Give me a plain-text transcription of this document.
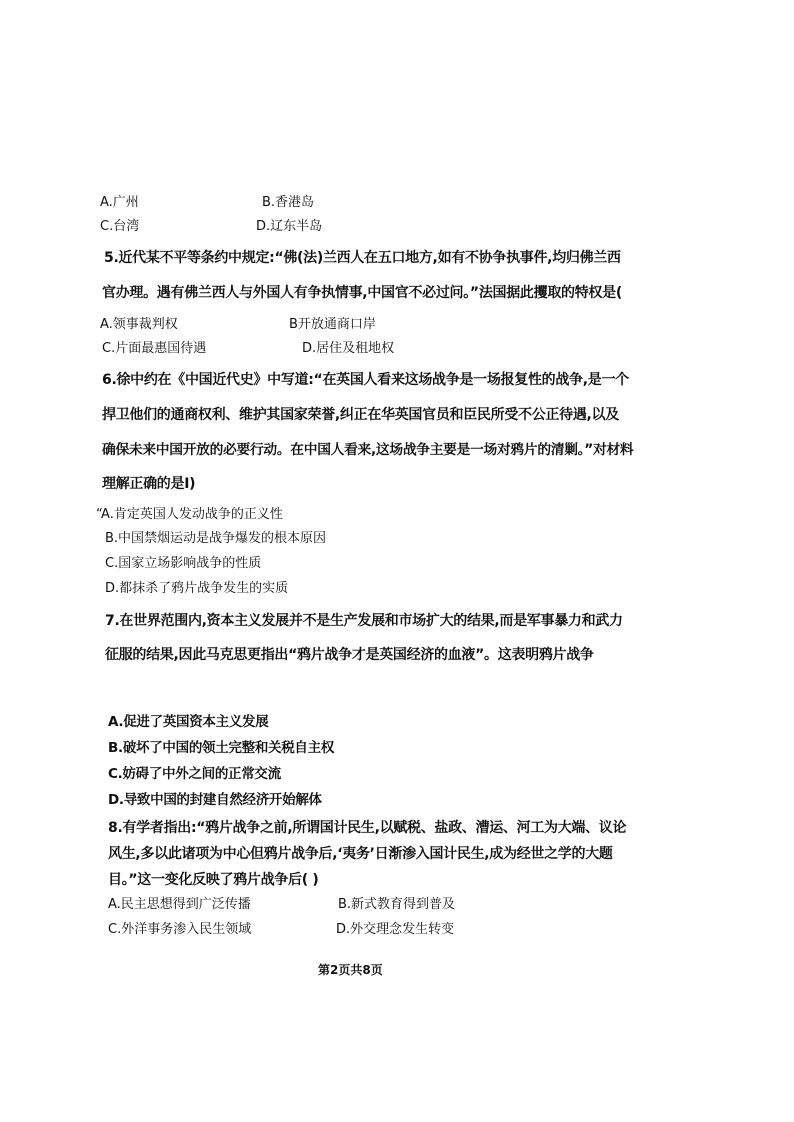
A.广州	B.香港岛
C.台湾	D.辽东半岛
5.近代某不平等条约中规定:“佛(法)兰西人在五口地方,如有不协争执事件,均归佛兰西
官办理。遇有佛兰西人与外国人有争执情事,中国官不必过问。”法国据此攫取的特权是(
A.领事裁判权	B开放通商口岸
C.片面最惠国待遇	D.居住及租地权
6.徐中约在《中国近代史》中写道:“在英国人看来这场战争是一场报复性的战争,是一个
捍卫他们的通商权利、维护其国家荣誉,纠正在华英国官员和臣民所受不公正待遇,以及
确保未来中国开放的必要行动。在中国人看来,这场战争主要是一场对鸦片的清剿。”对材料
理解正确的是I)
“A.肯定英国人发动战争的正义性
B.中国禁烟运动是战争爆发的根本原因
C.国家立场影响战争的性质
D.都抹杀了鸦片战争发生的实质
7.在世界范围内,资本主义发展并不是生产发展和市场扩大的结果,而是军事暴力和武力
征服的结果,因此马克思更指出“鸦片战争才是英国经济的血液”。这表明鸦片战争
A.促进了英国资本主义发展
B.破坏了中国的领土完整和关税自主权
C.妨碍了中外之间的正常交流
D.导致中国的封建自然经济开始解体
8.有学者指出:“鸦片战争之前,所谓国计民生,以赋税、盐政、漕运、河工为大端、议论
风生,多以此诸项为中心但鸦片战争后,‘夷务’日渐渗入国计民生,成为经世之学的大题
目。”这一变化反映了鸦片战争后( )
A.民主思想得到广泛传播	B.新式教育得到普及
C.外洋事务渗入民生领域	D.外交理念发生转变
第2页共8页
